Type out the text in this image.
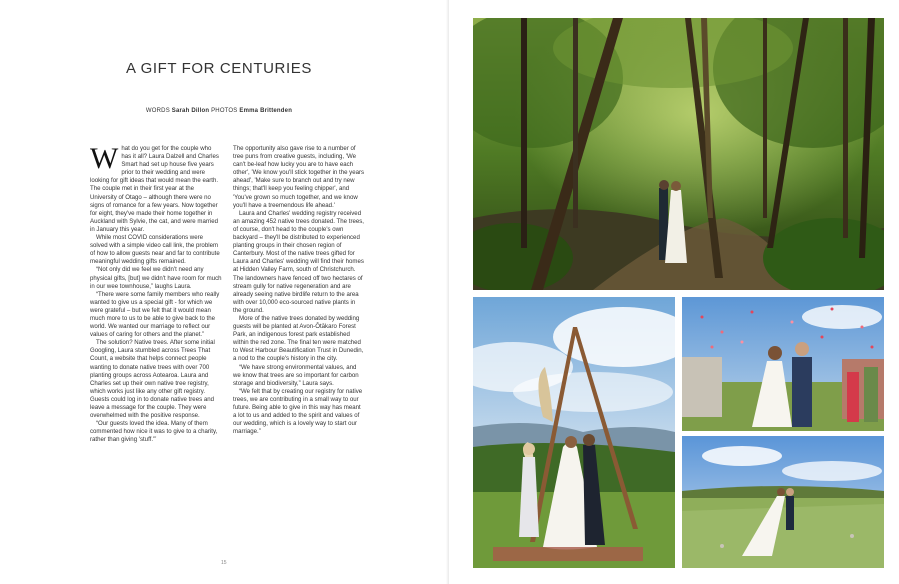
A GIFT FOR CENTURIES
WORDS Sarah Dillon PHOTOS Emma Brittenden

What do you get for the couple who has it all? Laura Dalzell and Charles Smart had set up house five years prior to their wedding and were looking for gift ideas that would mean the earth. The couple met in their first year at the University of Otago – although there were no signs of romance for a few years. Now together for eight, they've made their home together in Auckland with Sylvie, the cat, and were married in January this year.

While most COVID considerations were solved with a simple video call link, the problem of how to allow guests near and far to contribute meaningful wedding gifts remained.

“Not only did we feel we didn't need any physical gifts, [but] we didn't have room for much in our wee townhouse,” laughs Laura.

“There were some family members who really wanted to give us a special gift - for which we were grateful – but we felt that it would mean much more to us to be able to give back to the world. We wanted our marriage to reflect our values of caring for others and the planet.”

The solution? Native trees. After some initial Googling, Laura stumbled across Trees That Count, a website that helps connect people wanting to donate native trees with over 700 planting groups across Aotearoa. Laura and Charles set up their own native tree registry, which works just like any other gift registry. Guests could log in to donate native trees and leave a message for the couple. They were overwhelmed with the positive response.

“Our guests loved the idea. Many of them commented how nice it was to give to a charity, rather than giving 'stuff.'”

The opportunity also gave rise to a number of tree puns from creative guests, including, 'We can't be-leaf how lucky you are to have each other', 'We know you'll stick together in the years ahead', 'Make sure to branch out and try new things; that'll keep you feeling chipper', and 'You've grown so much together, and we know you'll have a treemendous life ahead.'

Laura and Charles' wedding registry received an amazing 452 native trees donated. The trees, of course, don't head to the couple's own backyard – they'll be distributed to experienced planting groups in their chosen region of Canterbury. Most of the native trees gifted for Laura and Charles' wedding will find their homes at Hidden Valley Farm, south of Christchurch. The landowners have fenced off two hectares of stream gully for native regeneration and are already seeing native birdlife return to the area with over 10,000 eco-sourced native plants in the ground.

More of the native trees donated by wedding guests will be planted at Avon-Ōtākaro Forest Park, an indigenous forest park established within the red zone. The final ten were matched to West Harbour Beautification Trust in Dunedin, a nod to the couple's history in the city.

“We have strong environmental values, and we know that trees are so important for carbon storage and biodiversity,” Laura says.

“We felt that by creating our registry for native trees, we are contributing in a small way to our future. Being able to give in this way has meant a lot to us and added to the spirit and values of our wedding, which is a lovely way to start our marriage.”

15
